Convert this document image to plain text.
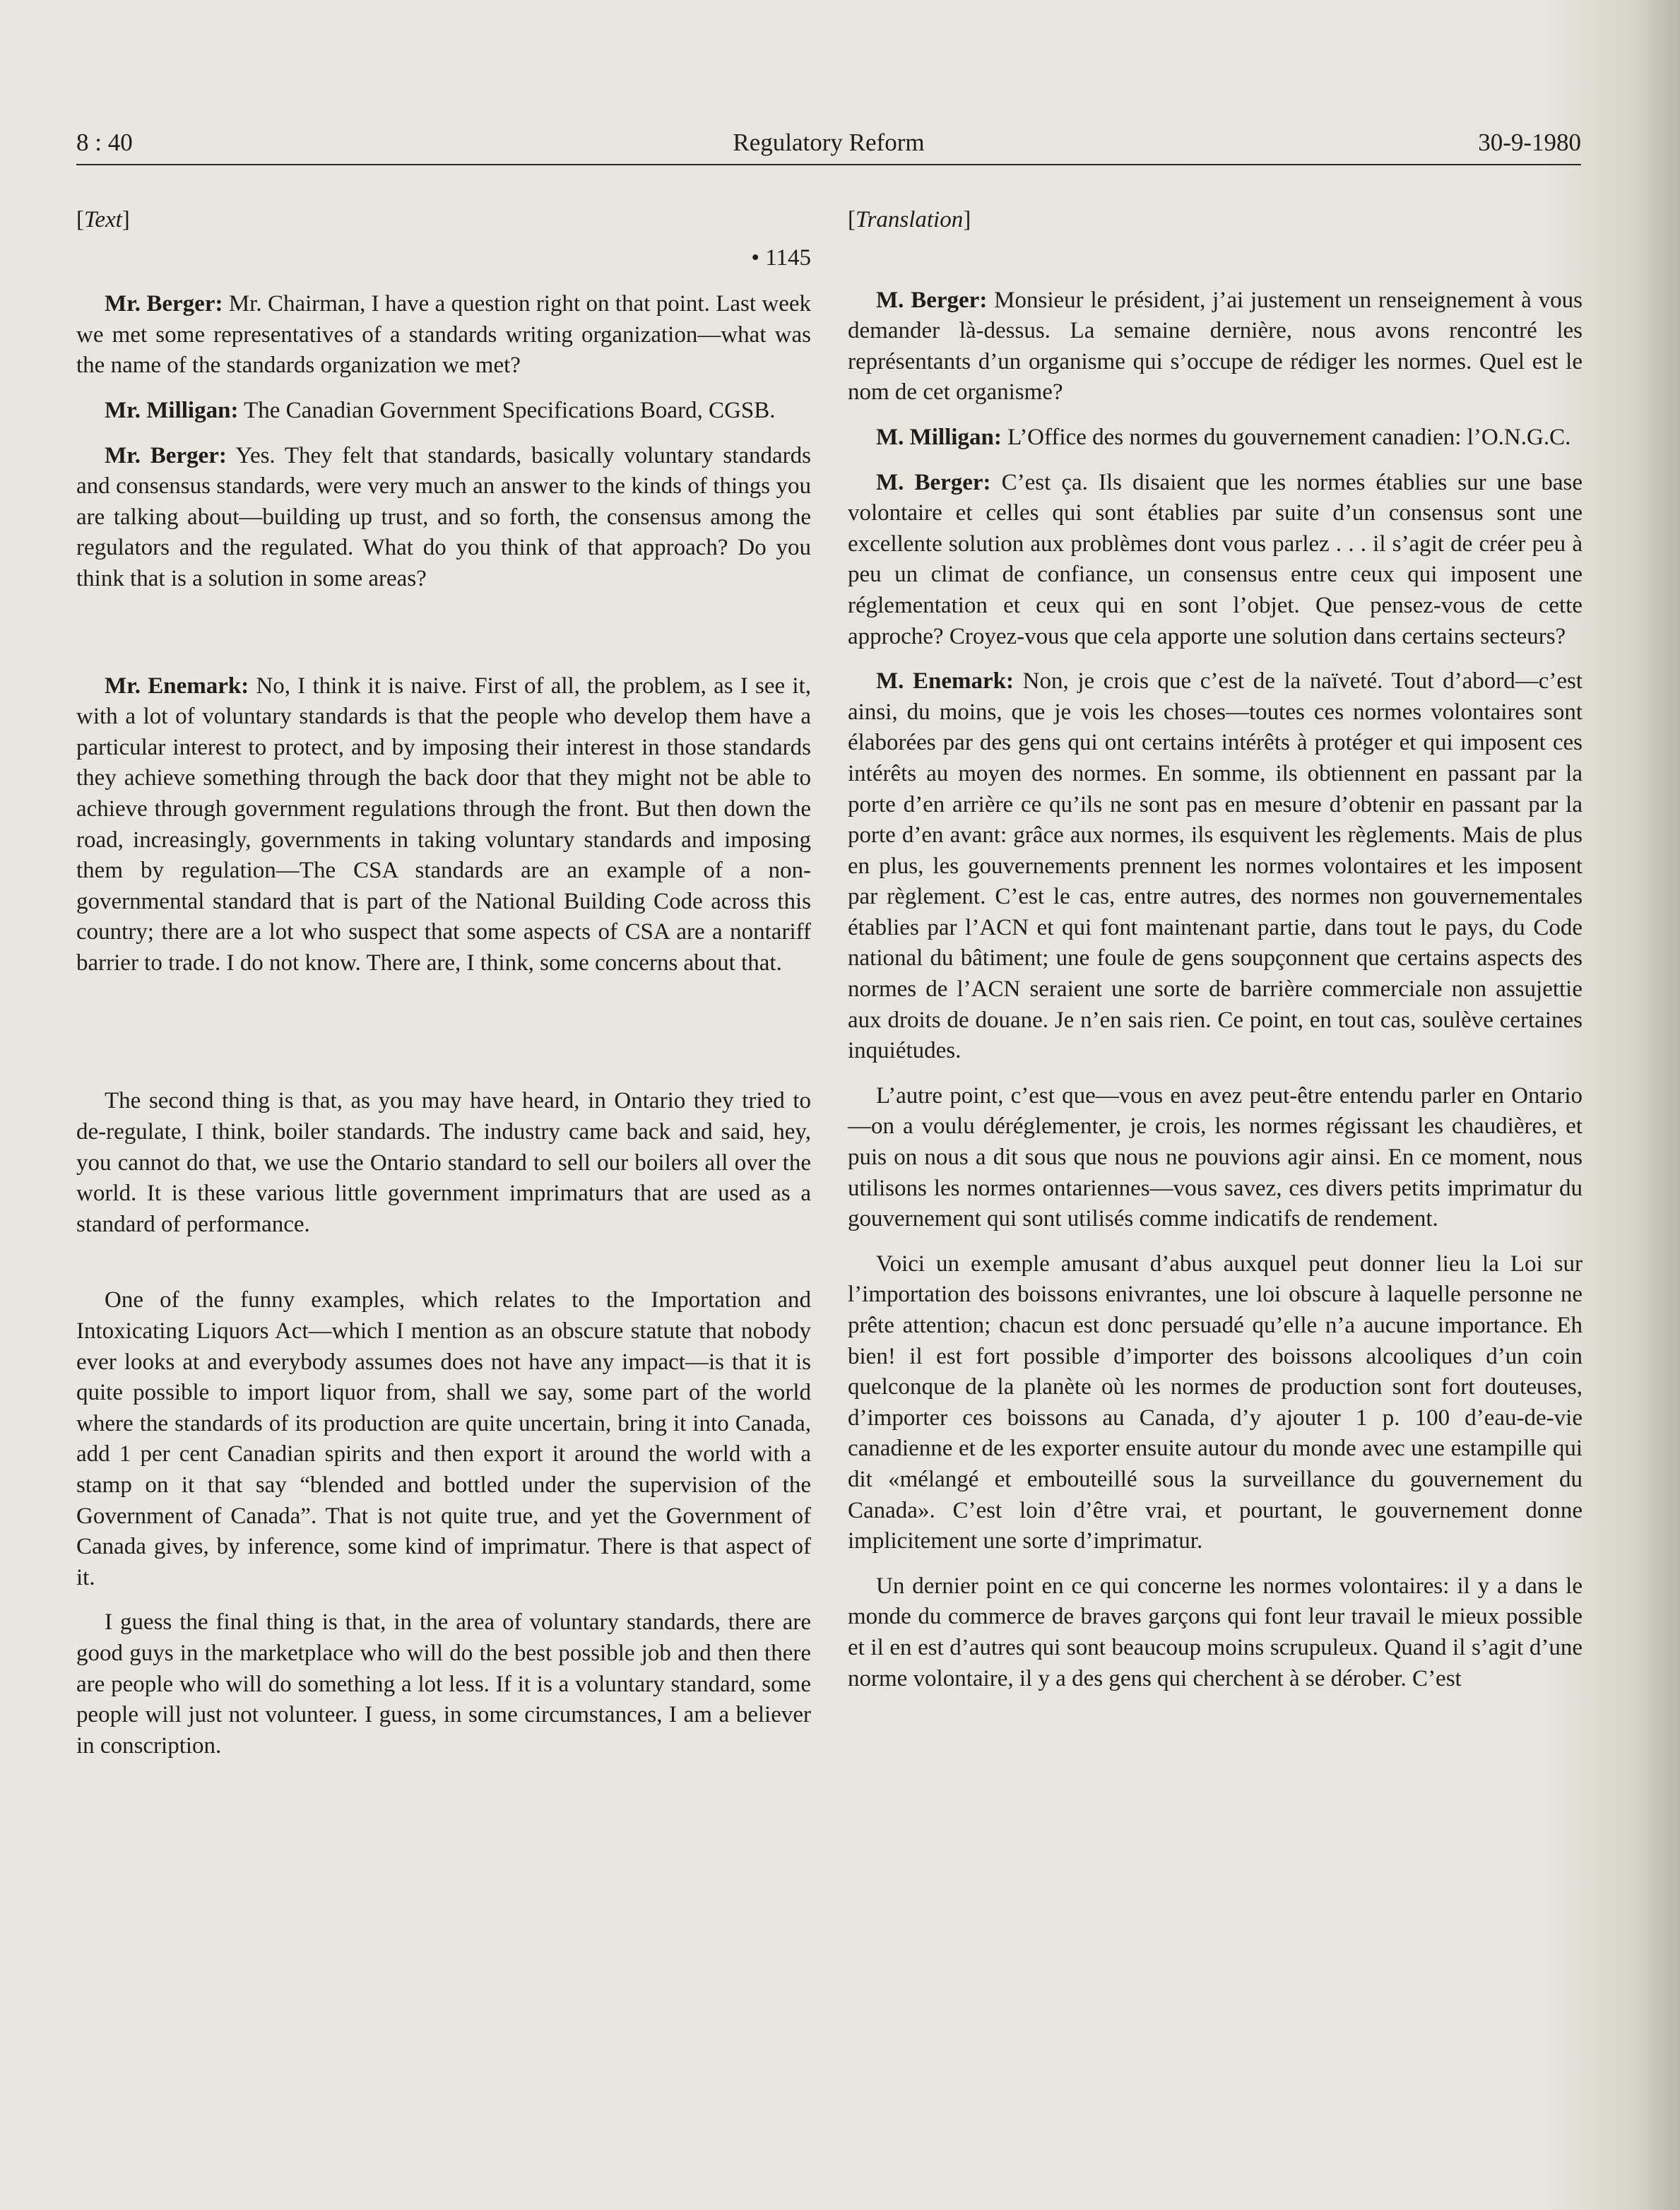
8 : 40	Regulatory Reform	30-9-1980
[Text]
• 1145

Mr. Berger: Mr. Chairman, I have a question right on that point. Last week we met some representatives of a standards writing organization—what was the name of the standards organization we met?

Mr. Milligan: The Canadian Government Specifications Board, CGSB.

Mr. Berger: Yes. They felt that standards, basically voluntary standards and consensus standards, were very much an answer to the kinds of things you are talking about—building up trust, and so forth, the consensus among the regulators and the regulated. What do you think of that approach? Do you think that is a solution in some areas?

Mr. Enemark: No, I think it is naive. First of all, the problem, as I see it, with a lot of voluntary standards is that the people who develop them have a particular interest to protect, and by imposing their interest in those standards they achieve something through the back door that they might not be able to achieve through government regulations through the front. But then down the road, increasingly, governments in taking voluntary standards and imposing them by regulation—The CSA standards are an example of a non-governmental standard that is part of the National Building Code across this country; there are a lot who suspect that some aspects of CSA are a nontariff barrier to trade. I do not know. There are, I think, some concerns about that.

The second thing is that, as you may have heard, in Ontario they tried to de-regulate, I think, boiler standards. The industry came back and said, hey, you cannot do that, we use the Ontario standard to sell our boilers all over the world. It is these various little government imprimaturs that are used as a standard of performance.

One of the funny examples, which relates to the Importation and Intoxicating Liquors Act—which I mention as an obscure statute that nobody ever looks at and everybody assumes does not have any impact—is that it is quite possible to import liquor from, shall we say, some part of the world where the standards of its production are quite uncertain, bring it into Canada, add 1 per cent Canadian spirits and then export it around the world with a stamp on it that say “blended and bottled under the supervision of the Government of Canada”. That is not quite true, and yet the Government of Canada gives, by inference, some kind of imprimatur. There is that aspect of it.

I guess the final thing is that, in the area of voluntary standards, there are good guys in the marketplace who will do the best possible job and then there are people who will do something a lot less. If it is a voluntary standard, some people will just not volunteer. I guess, in some circumstances, I am a believer in conscription.

[Translation]

M. Berger: Monsieur le président, j’ai justement un renseignement à vous demander là-dessus. La semaine dernière, nous avons rencontré les représentants d’un organisme qui s’occupe de rédiger les normes. Quel est le nom de cet organisme?

M. Milligan: L’Office des normes du gouvernement canadien: l’O.N.G.C.

M. Berger: C’est ça. Ils disaient que les normes établies sur une base volontaire et celles qui sont établies par suite d’un consensus sont une excellente solution aux problèmes dont vous parlez . . . il s’agit de créer peu à peu un climat de confiance, un consensus entre ceux qui imposent une réglementation et ceux qui en sont l’objet. Que pensez-vous de cette approche? Croyez-vous que cela apporte une solution dans certains secteurs?

M. Enemark: Non, je crois que c’est de la naïveté. Tout d’abord—c’est ainsi, du moins, que je vois les choses—toutes ces normes volontaires sont élaborées par des gens qui ont certains intérêts à protéger et qui imposent ces intérêts au moyen des normes. En somme, ils obtiennent en passant par la porte d’en arrière ce qu’ils ne sont pas en mesure d’obtenir en passant par la porte d’en avant: grâce aux normes, ils esquivent les règlements. Mais de plus en plus, les gouvernements prennent les normes volontaires et les imposent par règlement. C’est le cas, entre autres, des normes non gouvernementales établies par l’ACN et qui font maintenant partie, dans tout le pays, du Code national du bâtiment; une foule de gens soupçonnent que certains aspects des normes de l’ACN seraient une sorte de barrière commerciale non assujettie aux droits de douane. Je n’en sais rien. Ce point, en tout cas, soulève certaines inquiétudes.

L’autre point, c’est que—vous en avez peut-être entendu parler en Ontario—on a voulu déréglementer, je crois, les normes régissant les chaudières, et puis on nous a dit sous que nous ne pouvions agir ainsi. En ce moment, nous utilisons les normes ontariennes—vous savez, ces divers petits imprimatur du gouvernement qui sont utilisés comme indicatifs de rendement.

Voici un exemple amusant d’abus auxquel peut donner lieu la Loi sur l’importation des boissons enivrantes, une loi obscure à laquelle personne ne prête attention; chacun est donc persuadé qu’elle n’a aucune importance. Eh bien! il est fort possible d’importer des boissons alcooliques d’un coin quelconque de la planète où les normes de production sont fort douteuses, d’importer ces boissons au Canada, d’y ajouter 1 p. 100 d’eau-de-vie canadienne et de les exporter ensuite autour du monde avec une estampille qui dit «mélangé et embouteillé sous la surveillance du gouvernement du Canada». C’est loin d’être vrai, et pourtant, le gouvernement donne implicitement une sorte d’imprimatur.

Un dernier point en ce qui concerne les normes volontaires: il y a dans le monde du commerce de braves garçons qui font leur travail le mieux possible et il en est d’autres qui sont beaucoup moins scrupuleux. Quand il s’agit d’une norme volontaire, il y a des gens qui cherchent à se dérober. C’est
